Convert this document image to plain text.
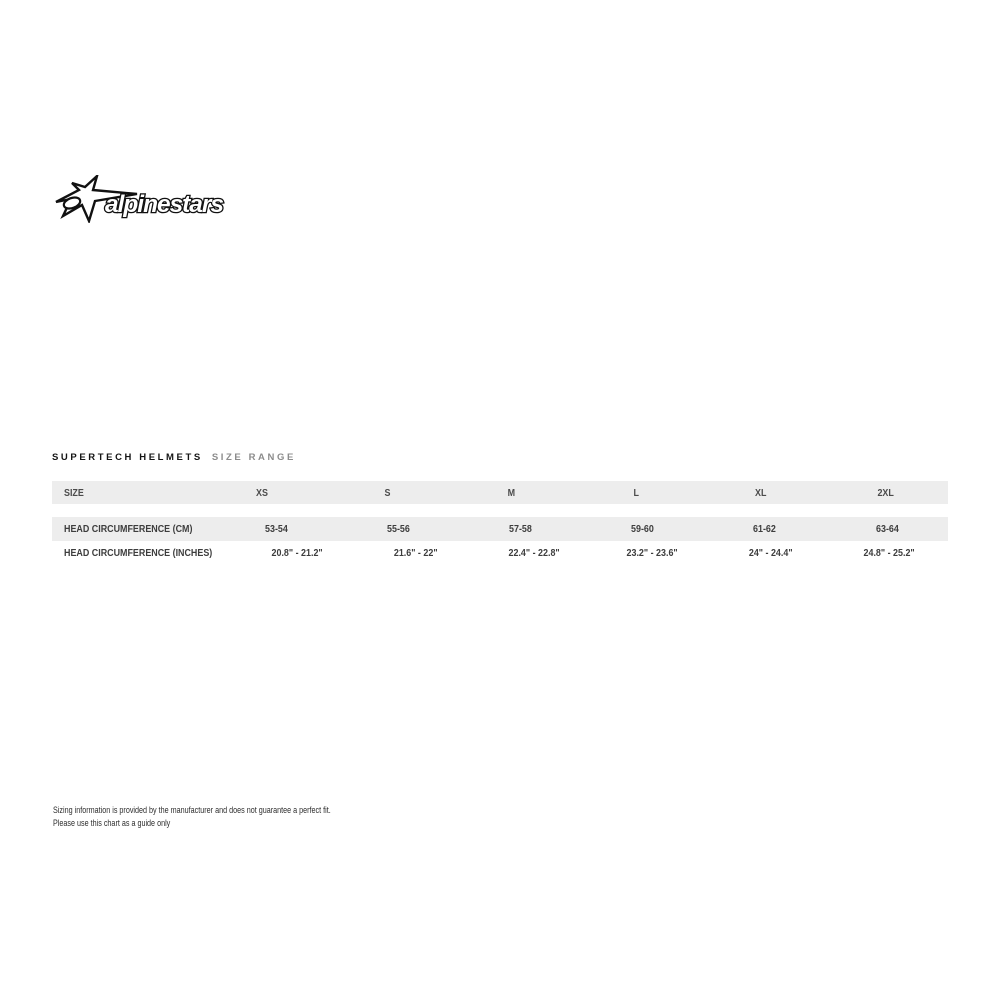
alpinestars
SUPERTECH HELMETS SIZE RANGE
SIZE	XS	S	M	L	XL	2XL
HEAD CIRCUMFERENCE (CM)	53-54	55-56	57-58	59-60	61-62	63-64
HEAD CIRCUMFERENCE (INCHES)	20.8" - 21.2"	21.6" - 22"	22.4" - 22.8"	23.2" - 23.6"	24" - 24.4"	24.8" - 25.2"
Sizing information is provided by the manufacturer and does not guarantee a perfect fit.
Please use this chart as a guide only
